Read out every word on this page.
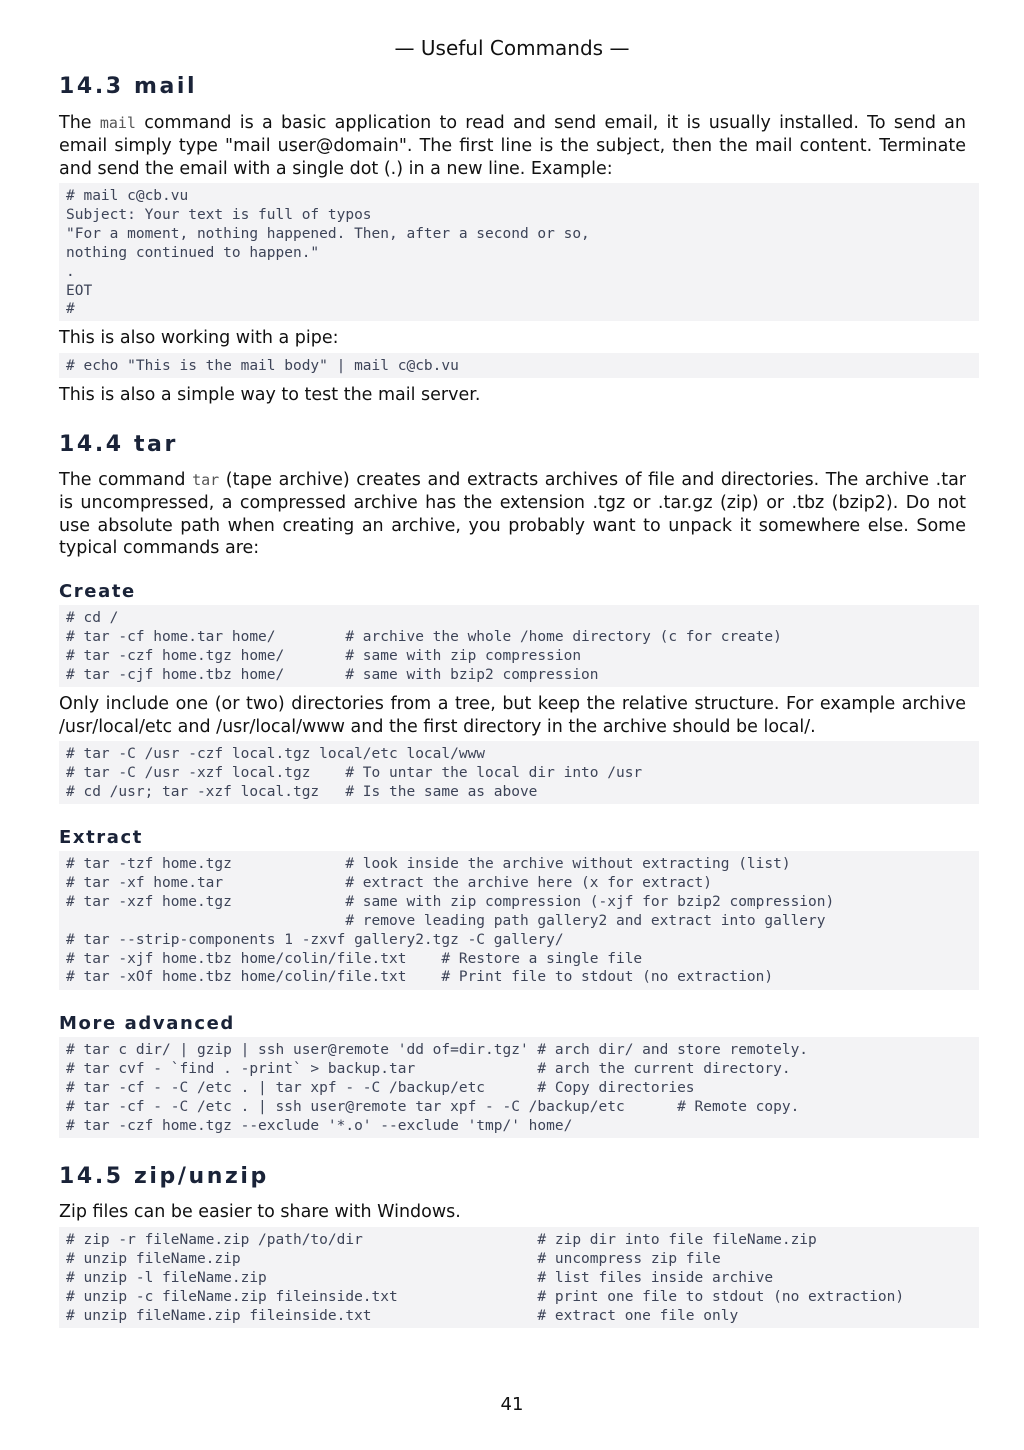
— Useful Commands —
14.3 mail

The mail command is a basic application to read and send email, it is usually installed. To send an email simply type "mail user@domain". The first line is the subject, then the mail content. Terminate and send the email with a single dot (.) in a new line. Example:

# mail c@cb.vu
Subject: Your text is full of typos
"For a moment, nothing happened. Then, after a second or so,
nothing continued to happen."
.
EOT
#

This is also working with a pipe:

# echo "This is the mail body" | mail c@cb.vu

This is also a simple way to test the mail server.

14.4 tar

The command tar (tape archive) creates and extracts archives of file and directories. The archive .tar is uncompressed, a compressed archive has the extension .tgz or .tar.gz (zip) or .tbz (bzip2). Do not use absolute path when creating an archive, you probably want to unpack it somewhere else. Some typical commands are:

Create
# cd /
# tar -cf home.tar home/        # archive the whole /home directory (c for create)
# tar -czf home.tgz home/       # same with zip compression
# tar -cjf home.tbz home/       # same with bzip2 compression

Only include one (or two) directories from a tree, but keep the relative structure. For example archive /usr/local/etc and /usr/local/www and the first directory in the archive should be local/.

# tar -C /usr -czf local.tgz local/etc local/www
# tar -C /usr -xzf local.tgz    # To untar the local dir into /usr
# cd /usr; tar -xzf local.tgz   # Is the same as above
Extract
# tar -tzf home.tgz             # look inside the archive without extracting (list)
# tar -xf home.tar              # extract the archive here (x for extract)
# tar -xzf home.tgz             # same with zip compression (-xjf for bzip2 compression)
# remove leading path gallery2 and extract into gallery
# tar --strip-components 1 -zxvf gallery2.tgz -C gallery/
# tar -xjf home.tbz home/colin/file.txt    # Restore a single file
# tar -xOf home.tbz home/colin/file.txt    # Print file to stdout (no extraction)
More advanced
# tar c dir/ | gzip | ssh user@remote 'dd of=dir.tgz' # arch dir/ and store remotely.
# tar cvf - `find . -print` > backup.tar              # arch the current directory.
# tar -cf - -C /etc . | tar xpf - -C /backup/etc      # Copy directories
# tar -cf - -C /etc . | ssh user@remote tar xpf - -C /backup/etc      # Remote copy.
# tar -czf home.tgz --exclude '*.o' --exclude 'tmp/' home/
14.5 zip/unzip

Zip files can be easier to share with Windows.

# zip -r fileName.zip /path/to/dir                    # zip dir into file fileName.zip
# unzip fileName.zip                                  # uncompress zip file
# unzip -l fileName.zip                               # list files inside archive
# unzip -c fileName.zip fileinside.txt                # print one file to stdout (no extraction)
# unzip fileName.zip fileinside.txt                   # extract one file only
41
